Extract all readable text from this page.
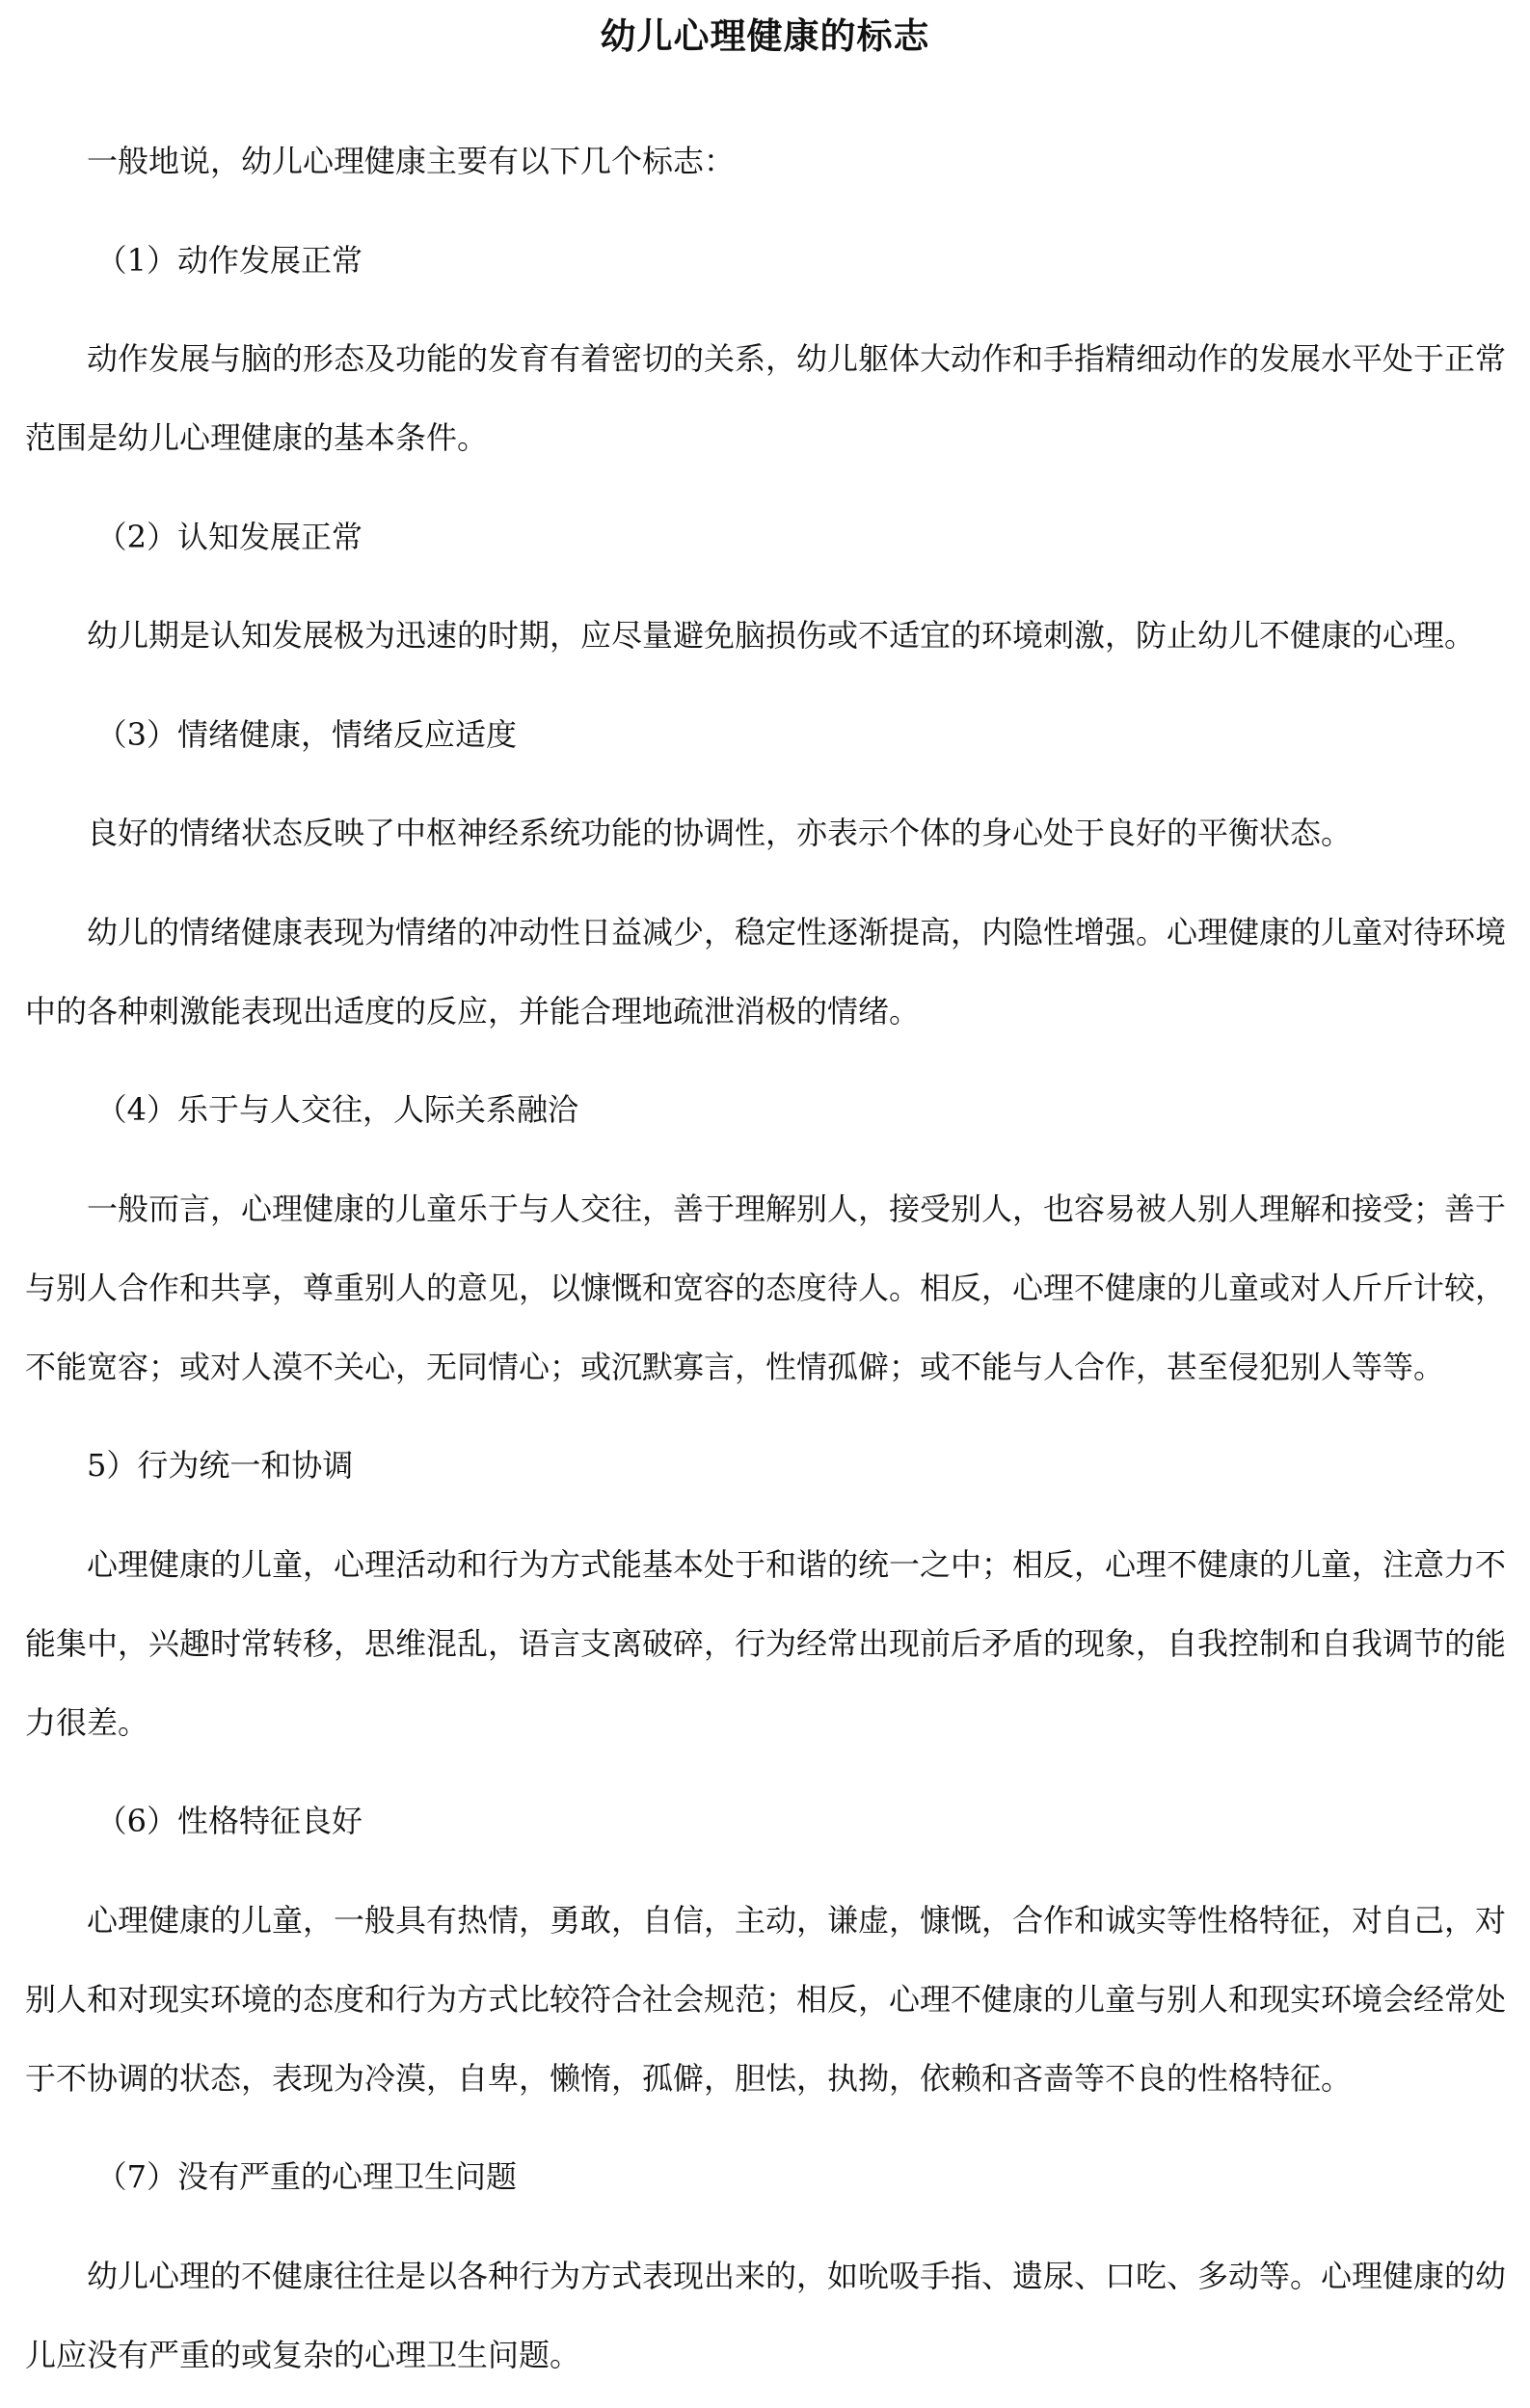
幼儿心理健康的标志

一般地说，幼儿心理健康主要有以下几个标志：

（1）动作发展正常

动作发展与脑的形态及功能的发育有着密切的关系，幼儿躯体大动作和手指精细动作的发展水平处于正常范围是幼儿心理健康的基本条件。

（2）认知发展正常

幼儿期是认知发展极为迅速的时期，应尽量避免脑损伤或不适宜的环境刺激，防止幼儿不健康的心理。

（3）情绪健康，情绪反应适度

良好的情绪状态反映了中枢神经系统功能的协调性，亦表示个体的身心处于良好的平衡状态。

幼儿的情绪健康表现为情绪的冲动性日益减少，稳定性逐渐提高，内隐性增强。心理健康的儿童对待环境中的各种刺激能表现出适度的反应，并能合理地疏泄消极的情绪。

（4）乐于与人交往，人际关系融洽

一般而言，心理健康的儿童乐于与人交往，善于理解别人，接受别人，也容易被人别人理解和接受；善于与别人合作和共享，尊重别人的意见，以慷慨和宽容的态度待人。相反，心理不健康的儿童或对人斤斤计较，不能宽容；或对人漠不关心，无同情心；或沉默寡言，性情孤僻；或不能与人合作，甚至侵犯别人等等。

5）行为统一和协调

心理健康的儿童，心理活动和行为方式能基本处于和谐的统一之中；相反，心理不健康的儿童，注意力不能集中，兴趣时常转移，思维混乱，语言支离破碎，行为经常出现前后矛盾的现象，自我控制和自我调节的能力很差。

（6）性格特征良好

心理健康的儿童，一般具有热情，勇敢，自信，主动，谦虚，慷慨，合作和诚实等性格特征，对自己，对别人和对现实环境的态度和行为方式比较符合社会规范；相反，心理不健康的儿童与别人和现实环境会经常处于不协调的状态，表现为冷漠，自卑，懒惰，孤僻，胆怯，执拗，依赖和吝啬等不良的性格特征。

（7）没有严重的心理卫生问题

幼儿心理的不健康往往是以各种行为方式表现出来的，如吮吸手指、遗尿、口吃、多动等。心理健康的幼儿应没有严重的或复杂的心理卫生问题。
